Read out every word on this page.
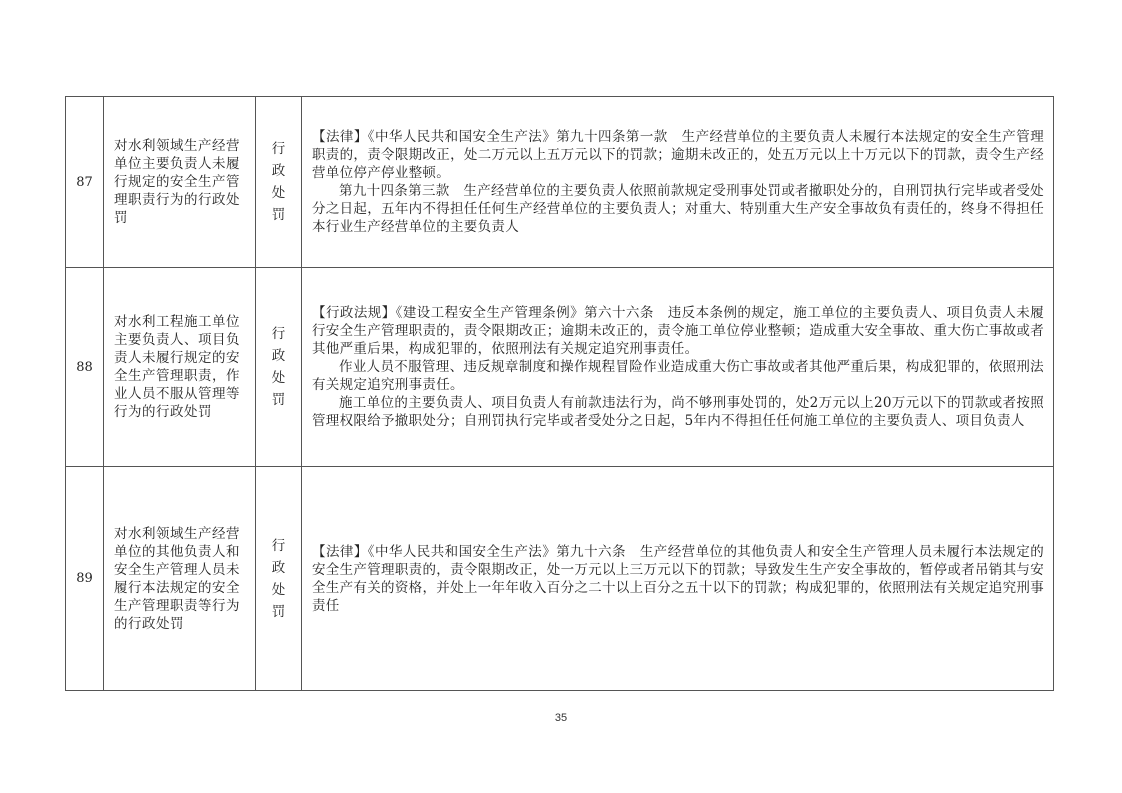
87	对水利领域生产经营单位主要负责人未履行规定的安全生产管理职责行为的行政处罚	行政处罚	【法律】《中华人民共和国安全生产法》第九十四条第一款　生产经营单位的主要负责人未履行本法规定的安全生产管理职责的，责令限期改正，处二万元以上五万元以下的罚款；逾期未改正的，处五万元以上十万元以下的罚款，责令生产经营单位停产停业整顿。

第九十四条第三款　生产经营单位的主要负责人依照前款规定受刑事处罚或者撤职处分的，自刑罚执行完毕或者受处分之日起，五年内不得担任任何生产经营单位的主要负责人；对重大、特别重大生产安全事故负有责任的，终身不得担任本行业生产经营单位的主要负责人

88	对水利工程施工单位主要负责人、项目负责人未履行规定的安全生产管理职责，作业人员不服从管理等行为的行政处罚	行政处罚	【行政法规】《建设工程安全生产管理条例》第六十六条　违反本条例的规定，施工单位的主要负责人、项目负责人未履行安全生产管理职责的，责令限期改正；逾期未改正的，责令施工单位停业整顿；造成重大安全事故、重大伤亡事故或者其他严重后果，构成犯罪的，依照刑法有关规定追究刑事责任。

作业人员不服管理、违反规章制度和操作规程冒险作业造成重大伤亡事故或者其他严重后果，构成犯罪的，依照刑法有关规定追究刑事责任。

施工单位的主要负责人、项目负责人有前款违法行为，尚不够刑事处罚的，处2万元以上20万元以下的罚款或者按照管理权限给予撤职处分；自刑罚执行完毕或者受处分之日起，5年内不得担任任何施工单位的主要负责人、项目负责人

89	对水利领域生产经营单位的其他负责人和安全生产管理人员未履行本法规定的安全生产管理职责等行为的行政处罚	行政处罚	【法律】《中华人民共和国安全生产法》第九十六条　生产经营单位的其他负责人和安全生产管理人员未履行本法规定的安全生产管理职责的，责令限期改正，处一万元以上三万元以下的罚款；导致发生生产安全事故的，暂停或者吊销其与安全生产有关的资格，并处上一年年收入百分之二十以上百分之五十以下的罚款；构成犯罪的，依照刑法有关规定追究刑事责任

35
